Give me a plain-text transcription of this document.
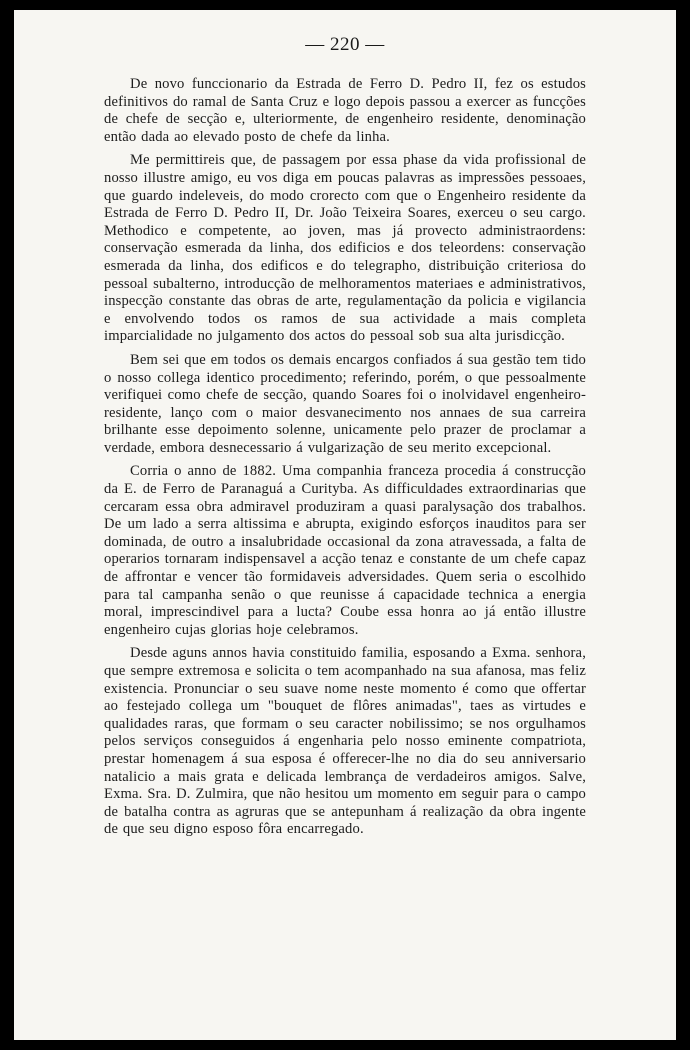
— 220 —

De novo funccionario da Estrada de Ferro D. Pedro II, fez os estudos definitivos do ramal de Santa Cruz e logo depois passou a exercer as funcções de chefe de secção e, ulteriormente, de engenheiro residente, denominação então dada ao elevado posto de chefe da linha.

Me permittireis que, de passagem por essa phase da vida profissional de nosso illustre amigo, eu vos diga em poucas palavras as impressões pessoaes, que guardo indeleveis, do modo crorecto com que o Engenheiro residente da Estrada de Ferro D. Pedro II, Dr. João Teixeira Soares, exerceu o seu cargo. Methodico e competente, ao joven, mas já provecto administraordens: conservação esmerada da linha, dos edificios e dos teleordens: conservação esmerada da linha, dos edificos e do telegrapho, distribuição criteriosa do pessoal subalterno, introducção de melhoramentos materiaes e administrativos, inspecção constante das obras de arte, regulamentação da policia e vigilancia e envolvendo todos os ramos de sua actividade a mais completa imparcialidade no julgamento dos actos do pessoal sob sua alta jurisdicção.

Bem sei que em todos os demais encargos confiados á sua gestão tem tido o nosso collega identico procedimento; referindo, porém, o que pessoalmente verifiquei como chefe de secção, quando Soares foi o inolvidavel engenheiro-residente, lanço com o maior desvanecimento nos annaes de sua carreira brilhante esse depoimento solenne, unicamente pelo prazer de proclamar a verdade, embora desnecessario á vulgarização de seu merito excepcional.

Corria o anno de 1882. Uma companhia franceza procedia á construcção da E. de Ferro de Paranaguá a Curityba. As difficuldades extraordinarias que cercaram essa obra admiravel produziram a quasi paralysação dos trabalhos. De um lado a serra altissima e abrupta, exigindo esforços inauditos para ser dominada, de outro a insalubridade occasional da zona atravessada, a falta de operarios tornaram indispensavel a acção tenaz e constante de um chefe capaz de affrontar e vencer tão formidaveis adversidades. Quem seria o escolhido para tal campanha senão o que reunisse á capacidade technica a energia moral, imprescindivel para a lucta? Coube essa honra ao já então illustre engenheiro cujas glorias hoje celebramos.

Desde aguns annos havia constituido familia, esposando a Exma. senhora, que sempre extremosa e solicita o tem acompanhado na sua afanosa, mas feliz existencia. Pronunciar o seu suave nome neste momento é como que offertar ao festejado collega um "bouquet de flôres animadas", taes as virtudes e qualidades raras, que formam o seu caracter nobilissimo; se nos orgulhamos pelos serviços conseguidos á engenharia pelo nosso eminente compatriota, prestar homenagem á sua esposa é offerecer-lhe no dia do seu anniversario natalicio a mais grata e delicada lembrança de verdadeiros amigos. Salve, Exma. Sra. D. Zulmira, que não hesitou um momento em seguir para o campo de batalha contra as agruras que se antepunham á realização da obra ingente de que seu digno esposo fôra encarregado.
